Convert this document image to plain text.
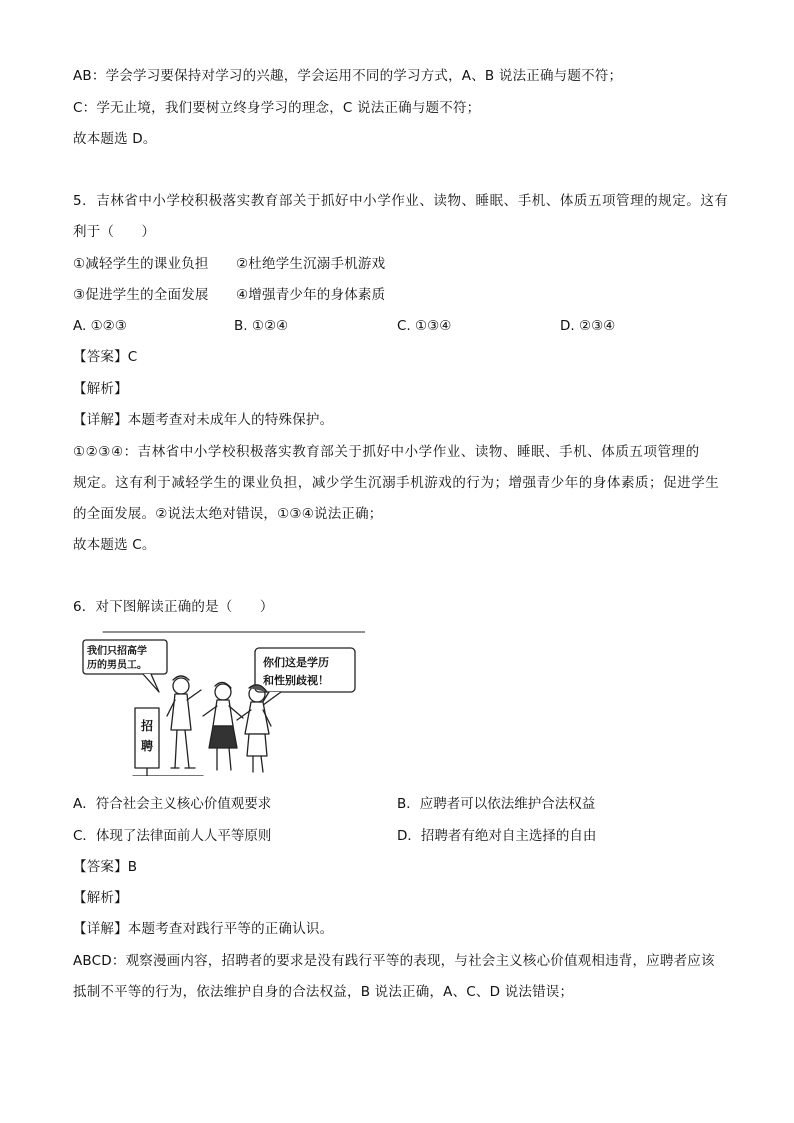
AB：学会学习要保持对学习的兴趣，学会运用不同的学习方式，A、B 说法正确与题不符；
C：学无止境，我们要树立终身学习的理念，C 说法正确与题不符；
故本题选 D。
5．吉林省中小学校积极落实教育部关于抓好中小学作业、读物、睡眠、手机、体质五项管理的规定。这有
利于（　　）
①减轻学生的课业负担　　②杜绝学生沉溺手机游戏
③促进学生的全面发展　　④增强青少年的身体素质
A. ①②③	B. ①②④	C. ①③④	D. ②③④
【答案】C
【解析】
【详解】本题考查对未成年人的特殊保护。
①②③④：吉林省中小学校积极落实教育部关于抓好中小学作业、读物、睡眠、手机、体质五项管理的
规定。这有利于减轻学生的课业负担，减少学生沉溺手机游戏的行为；增强青少年的身体素质；促进学生
的全面发展。②说法太绝对错误，①③④说法正确；
故本题选 C。
6．对下图解读正确的是（　　）
我们只招高学
历的男员工。	你们这是学历
和性别歧视！
招
聘
A．符合社会主义核心价值观要求	B．应聘者可以依法维护合法权益
C．体现了法律面前人人平等原则	D．招聘者有绝对自主选择的自由
【答案】B
【解析】
【详解】本题考查对践行平等的正确认识。
ABCD：观察漫画内容，招聘者的要求是没有践行平等的表现，与社会主义核心价值观相违背，应聘者应该
抵制不平等的行为，依法维护自身的合法权益，B 说法正确，A、C、D 说法错误；
